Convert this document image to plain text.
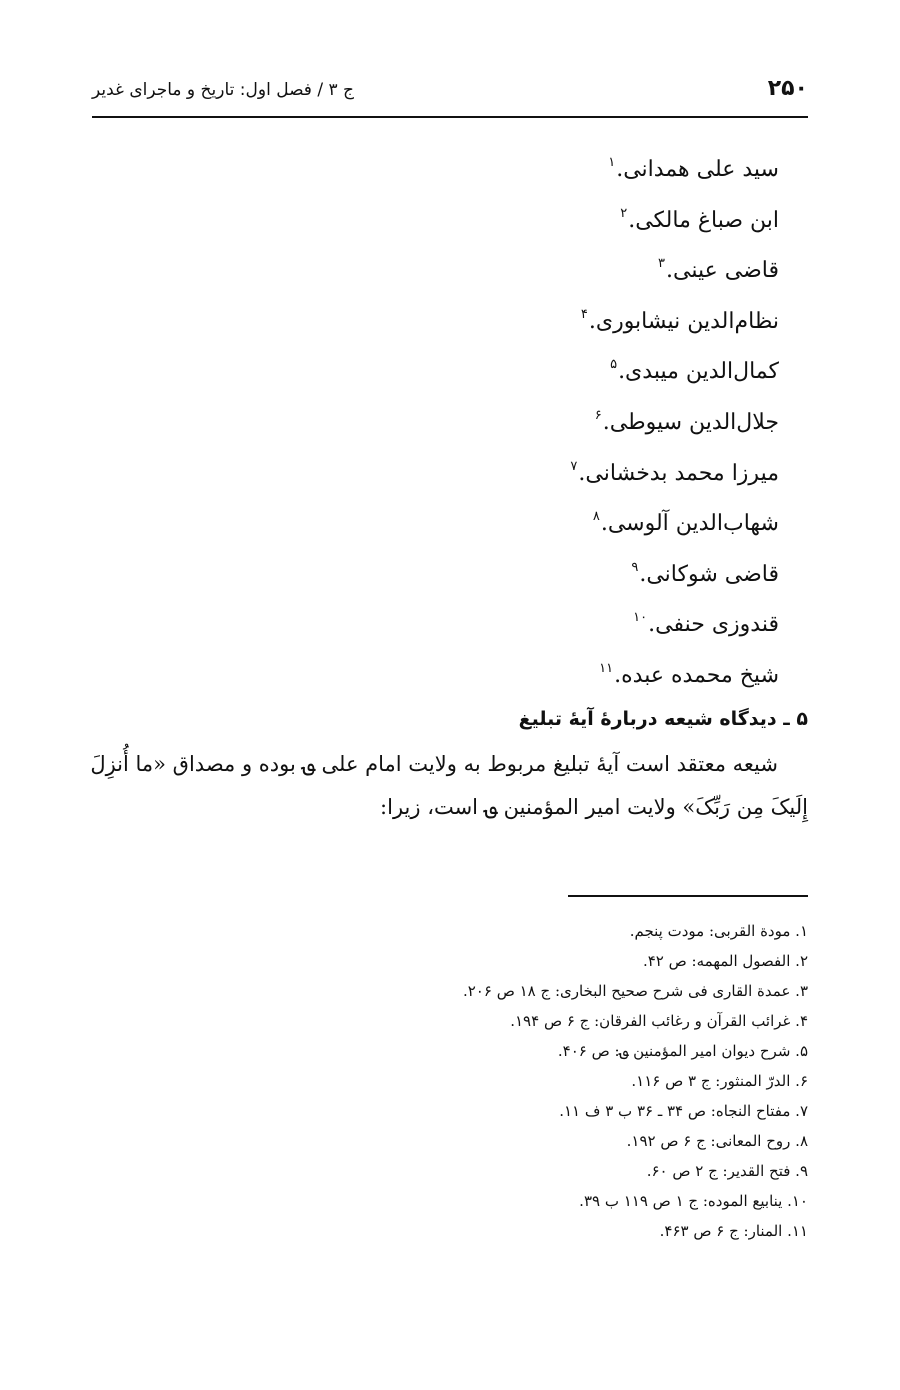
۲۵۰
ج ۳ / فصل اول: تاریخ و ماجرای غدیر
سید علی همدانی.$^۱$
ابن صباغ مالکی.$^۲$
قاضی عینی.$^۳$
نظام‌الدین نیشابوری.$^۴$
کمال‌الدین میبدی.$^۵$
جلال‌الدین سیوطی.$^۶$
میرزا محمد بدخشانی.$^۷$
شهاب‌الدین آلوسی.$^۸$
قاضی شوکانی.$^۹$
قندوزی حنفی.$^{۱۰}$
شیخ محمده عبده.$^{۱۱}$
۵ ـ دیدگاه شیعه دربارهٔ آیهٔ تبلیغ

شیعه معتقد است آیهٔ تبلیغ مربوط به ولایت امام علی ؈ بوده و مصداق «ما أُنزِلَ
إِلَیکَ مِن رَبِّکَ» ولایت امیر المؤمنین ؈ است، زیرا:

۱. مودة القربی: مودت پنجم.
۲. الفصول المهمه: ص ۴۲.
۳. عمدة القاری فی شرح صحیح البخاری: ج ۱۸ ص ۲۰۶.
۴. غرائب القرآن و رغائب الفرقان: ج ۶ ص ۱۹۴.
۵. شرح دیوان امیر المؤمنین ؈: ص ۴۰۶.
۶. الدرّ المنثور: ج ۳ ص ۱۱۶.
۷. مفتاح النجاه: ص ۳۴ ـ ۳۶ ب ۳ ف ۱۱.
۸. روح المعانی: ج ۶ ص ۱۹۲.
۹. فتح القدیر: ج ۲ ص ۶۰.
۱۰. ینابیع الموده: ج ۱ ص ۱۱۹ ب ۳۹.
۱۱. المنار: ج ۶ ص ۴۶۳.
